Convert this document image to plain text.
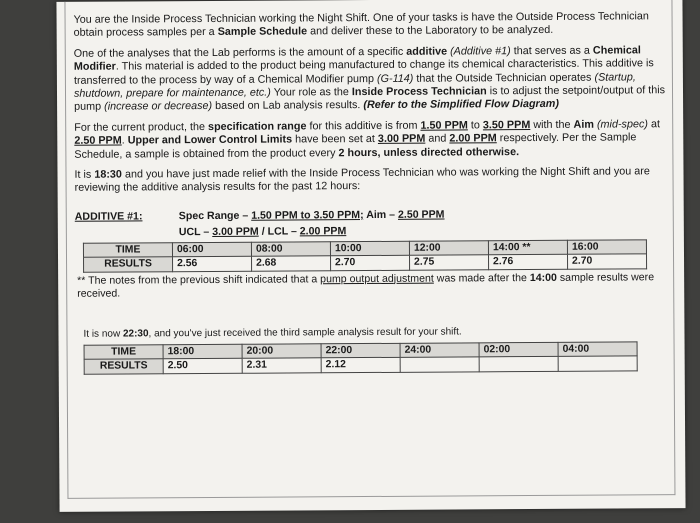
You are the Inside Process Technician working the Night Shift. One of your tasks is have the Outside Process Technician obtain process samples per a Sample Schedule and deliver these to the Laboratory to be analyzed.

One of the analyses that the Lab performs is the amount of a specific additive (Additive #1) that serves as a Chemical Modifier. This material is added to the product being manufactured to change its chemical characteristics. This additive is transferred to the process by way of a Chemical Modifier pump (G-114) that the Outside Technician operates (Startup, shutdown, prepare for maintenance, etc.) Your role as the Inside Process Technician is to adjust the setpoint/output of this pump (increase or decrease) based on Lab analysis results. (Refer to the Simplified Flow Diagram)

For the current product, the specification range for this additive is from 1.50 PPM to 3.50 PPM with the Aim (mid-spec) at 2.50 PPM. Upper and Lower Control Limits have been set at 3.00 PPM and 2.00 PPM respectively. Per the Sample Schedule, a sample is obtained from the product every 2 hours, unless directed otherwise.

It is 18:30 and you have just made relief with the Inside Process Technician who was working the Night Shift and you are reviewing the additive analysis results for the past 12 hours:

ADDITIVE #1:	Spec Range – 1.50 PPM to 3.50 PPM; Aim – 2.50 PPM
UCL – 3.00 PPM / LCL – 2.00 PPM
TIME	06:00	08:00	10:00	12:00	14:00 **	16:00
RESULTS	2.56	2.68	2.70	2.75	2.76	2.70
** The notes from the previous shift indicated that a pump output adjustment was made after the 14:00 sample results were received.
It is now 22:30, and you've just received the third sample analysis result for your shift.
TIME	18:00	20:00	22:00	24:00	02:00	04:00
RESULTS	2.50	2.31	2.12			
